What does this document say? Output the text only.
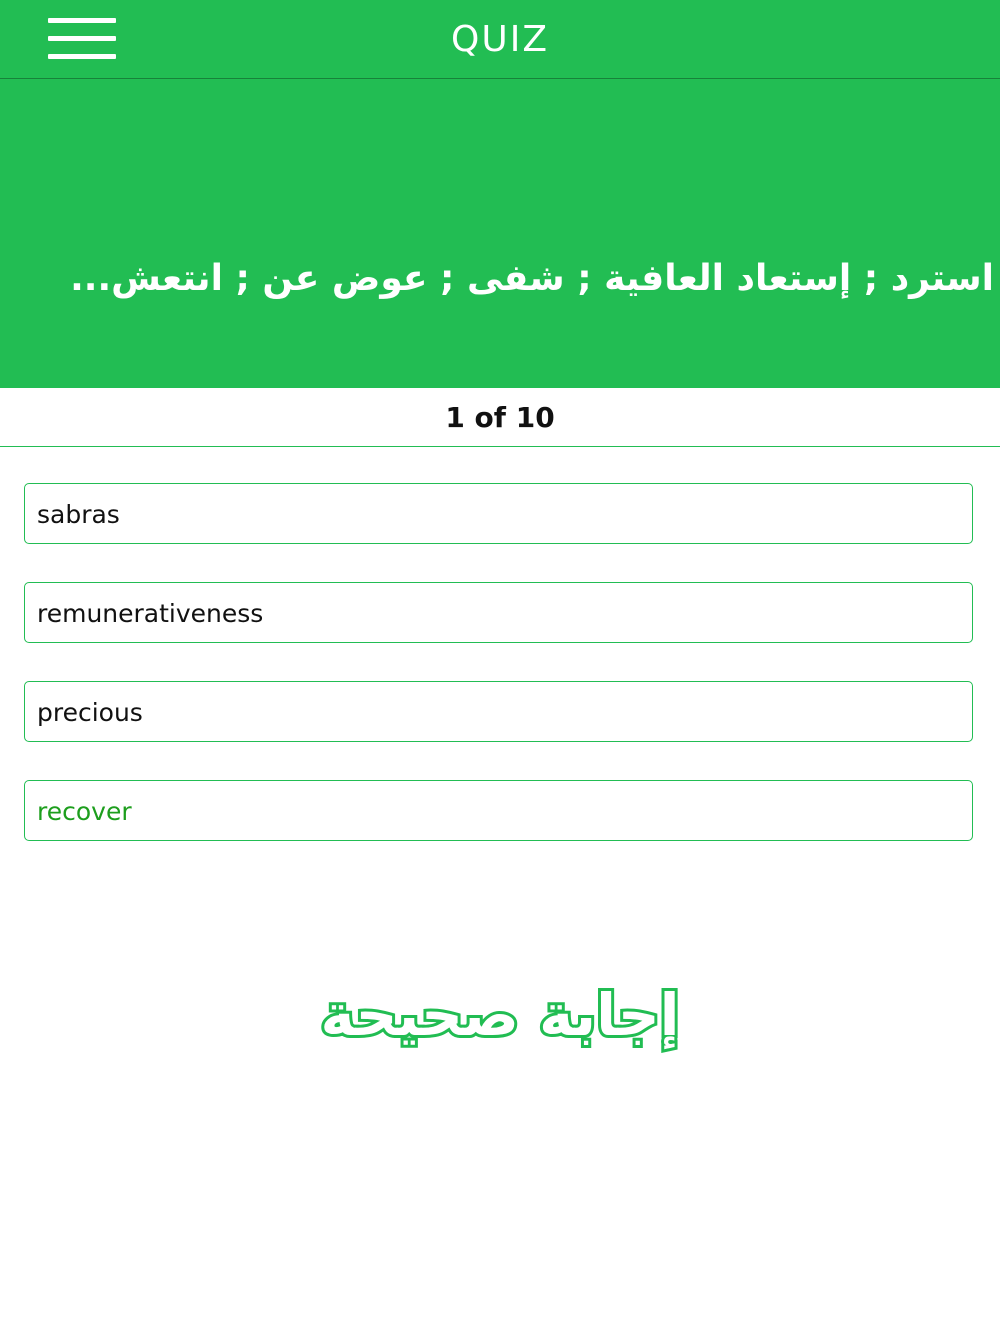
QUIZ
استرد ; إستعاد العافية ; شفى ; عوض عن ; انتعش...
1 of 10
sabras
remunerativeness
precious
recover
إجابة صحيحة
